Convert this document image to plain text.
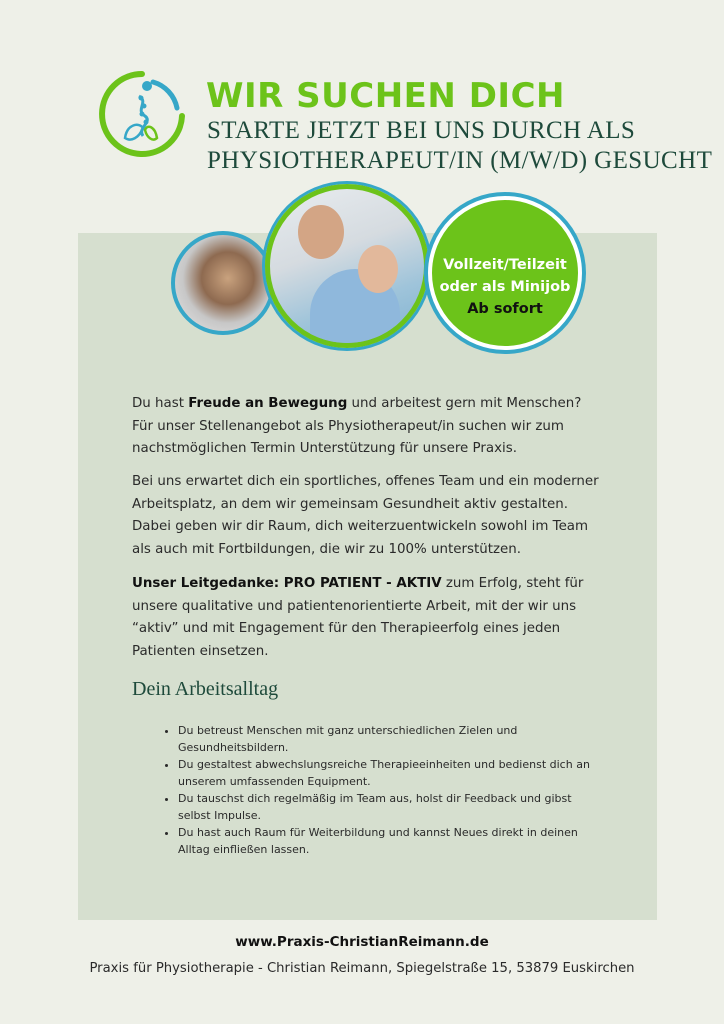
WIR SUCHEN DICH
STARTE JETZT BEI UNS DURCH ALS
PHYSIOTHERAPEUT/IN (M/W/D) GESUCHT
Vollzeit/Teilzeit
oder als Minijob
Ab sofort
Du hast Freude an Bewegung und arbeitest gern mit Menschen? Für unser Stellenangebot als Physiotherapeut/in suchen wir zum nachstmöglichen Termin Unterstützung für unsere Praxis.
Bei uns erwartet dich ein sportliches, offenes Team und ein moderner Arbeitsplatz, an dem wir gemeinsam Gesundheit aktiv gestalten. Dabei geben wir dir Raum, dich weiterzuentwickeln sowohl im Team als auch mit Fortbildungen, die wir zu 100% unterstützen.
Unser Leitgedanke: PRO PATIENT - AKTIV zum Erfolg, steht für unsere qualitative und patientenorientierte Arbeit, mit der wir uns “aktiv” und mit Engagement für den Therapieerfolg eines jeden Patienten einsetzen.
Dein Arbeitsalltag
• Du betreust Menschen mit ganz unterschiedlichen Zielen und Gesundheitsbildern.
• Du gestaltest abwechslungsreiche Therapieeinheiten und bedienst dich an unserem umfassenden Equipment.
• Du tauschst dich regelmäßig im Team aus, holst dir Feedback und gibst selbst Impulse.
• Du hast auch Raum für Weiterbildung und kannst Neues direkt in deinen Alltag einfließen lassen.
www.Praxis-ChristianReimann.de
Praxis für Physiotherapie - Christian Reimann, Spiegelstraße 15, 53879 Euskirchen
